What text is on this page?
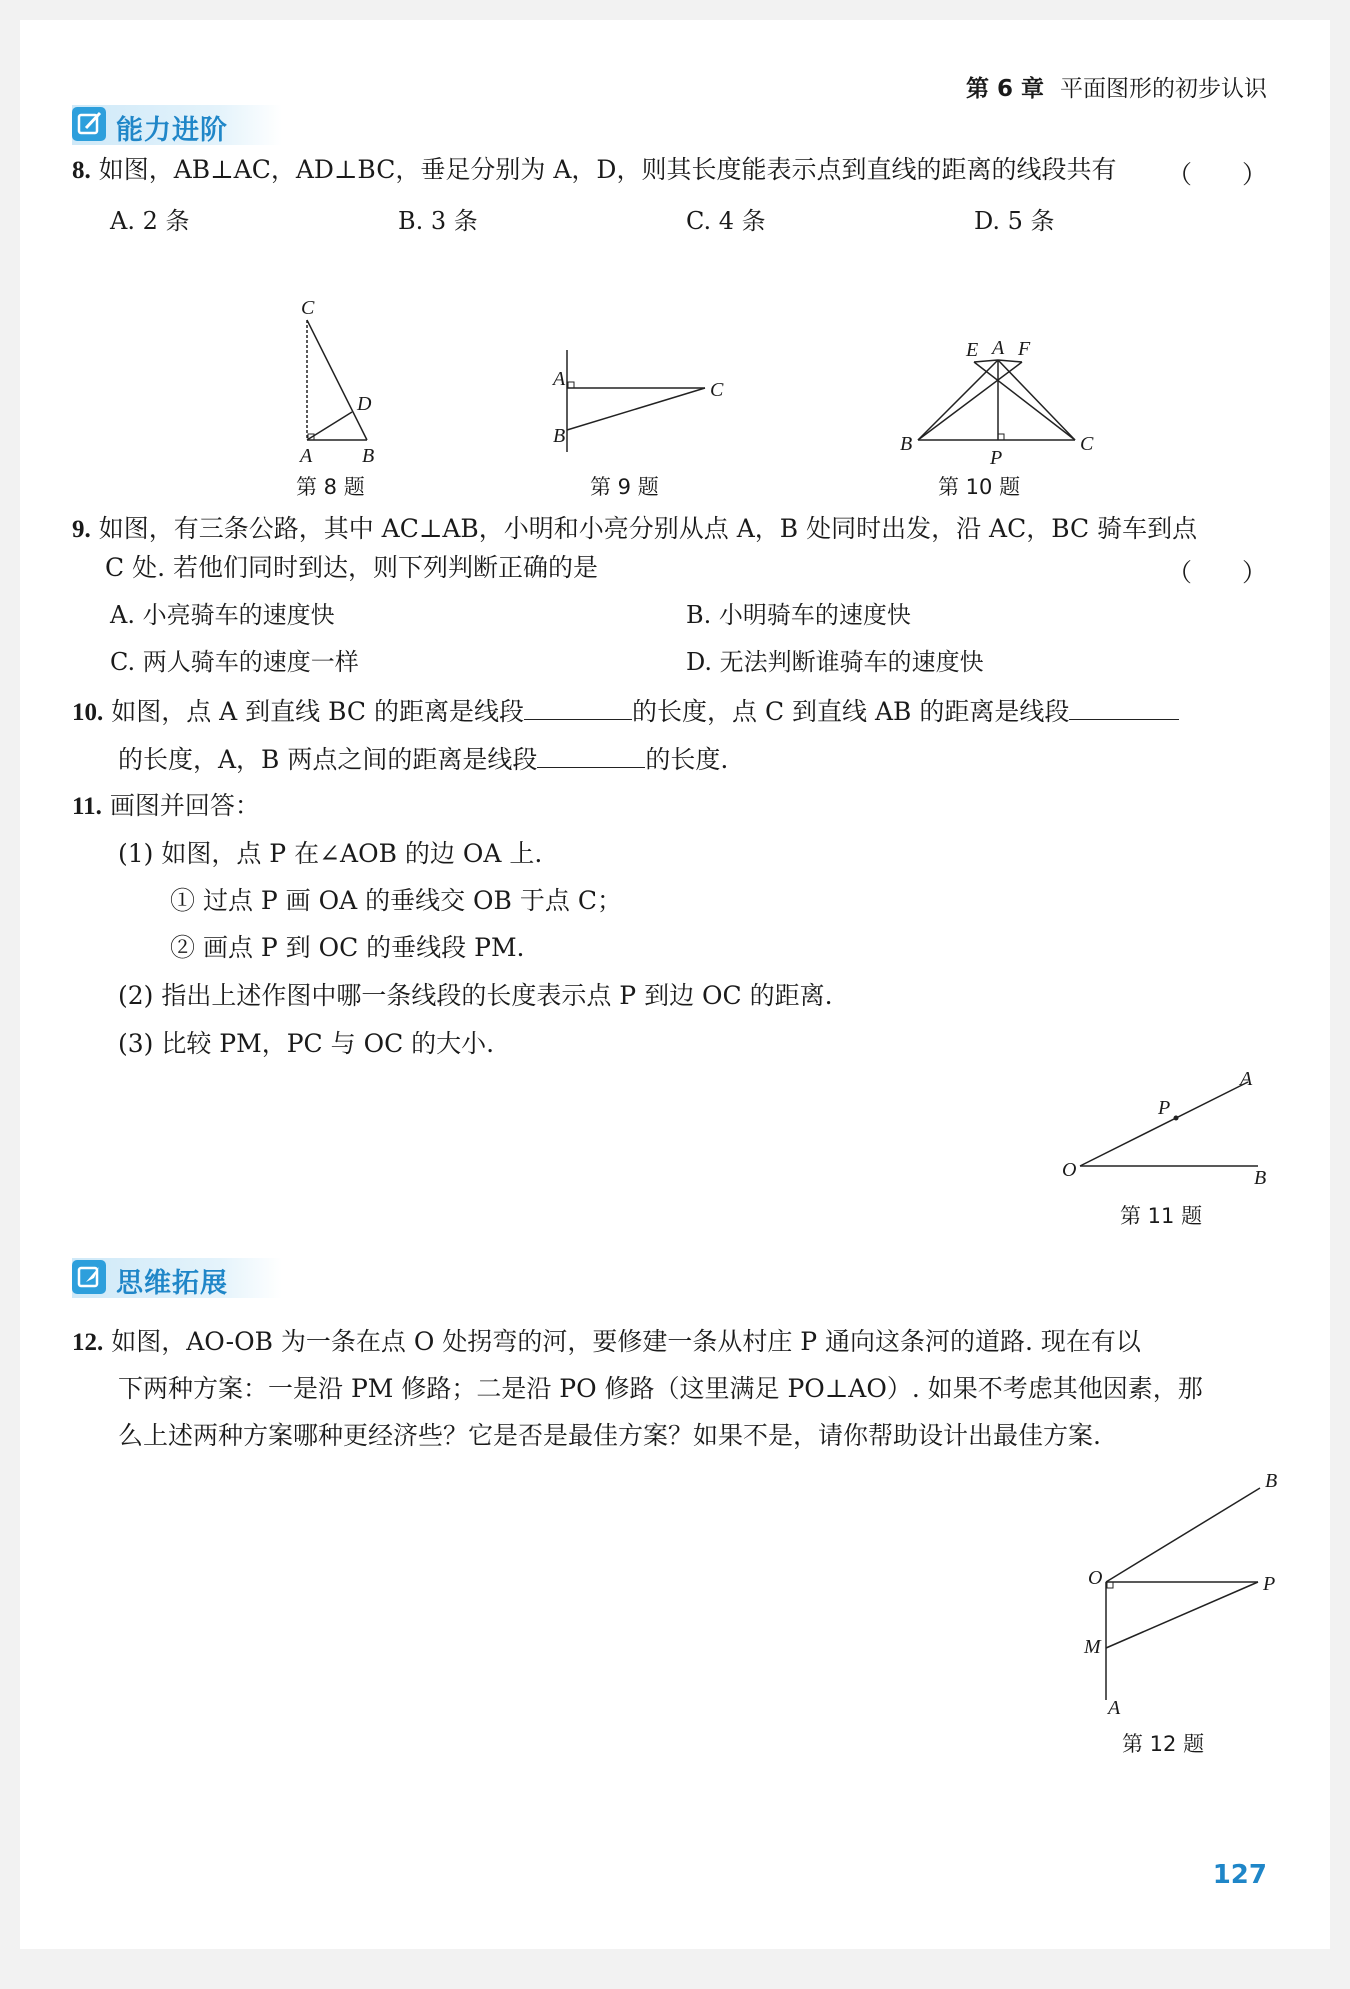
第 6 章 平面图形的初步认识
能力进阶
8. 如图，AB⊥AC，AD⊥BC，垂足分别为 A，D，则其长度能表示点到直线的距离的线段共有 （　　）
A. 2 条	B. 3 条	C. 4 条	D. 5 条
C
D
A B
第 8 题
A	C
B
第 9 题
E A F
B	C
P
第 10 题
9. 如图，有三条公路，其中 AC⊥AB，小明和小亮分别从点 A，B 处同时出发，沿 AC，BC 骑车到点
C 处. 若他们同时到达，则下列判断正确的是	（　　）
A. 小亮骑车的速度快	B. 小明骑车的速度快
C. 两人骑车的速度一样	D. 无法判断谁骑车的速度快
10. 如图，点 A 到直线 BC 的距离是线段	的长度，点 C 到直线 AB 的距离是线段
的长度，A，B 两点之间的距离是线段	的长度.
11. 画图并回答：
(1) 如图，点 P 在∠AOB 的边 OA 上.
① 过点 P 画 OA 的垂线交 OB 于点 C；
② 画点 P 到 OC 的垂线段 PM.
(2) 指出上述作图中哪一条线段的长度表示点 P 到边 OC 的距离.
(3) 比较 PM，PC 与 OC 的大小.
A
P
O	B
第 11 题
思维拓展
12. 如图，AO-OB 为一条在点 O 处拐弯的河，要修建一条从村庄 P 通向这条河的道路. 现在有以
下两种方案：一是沿 PM 修路；二是沿 PO 修路（这里满足 PO⊥AO）. 如果不考虑其他因素，那
么上述两种方案哪种更经济些？它是否是最佳方案？如果不是，请你帮助设计出最佳方案.
B
O	P
M
A
第 12 题
127
